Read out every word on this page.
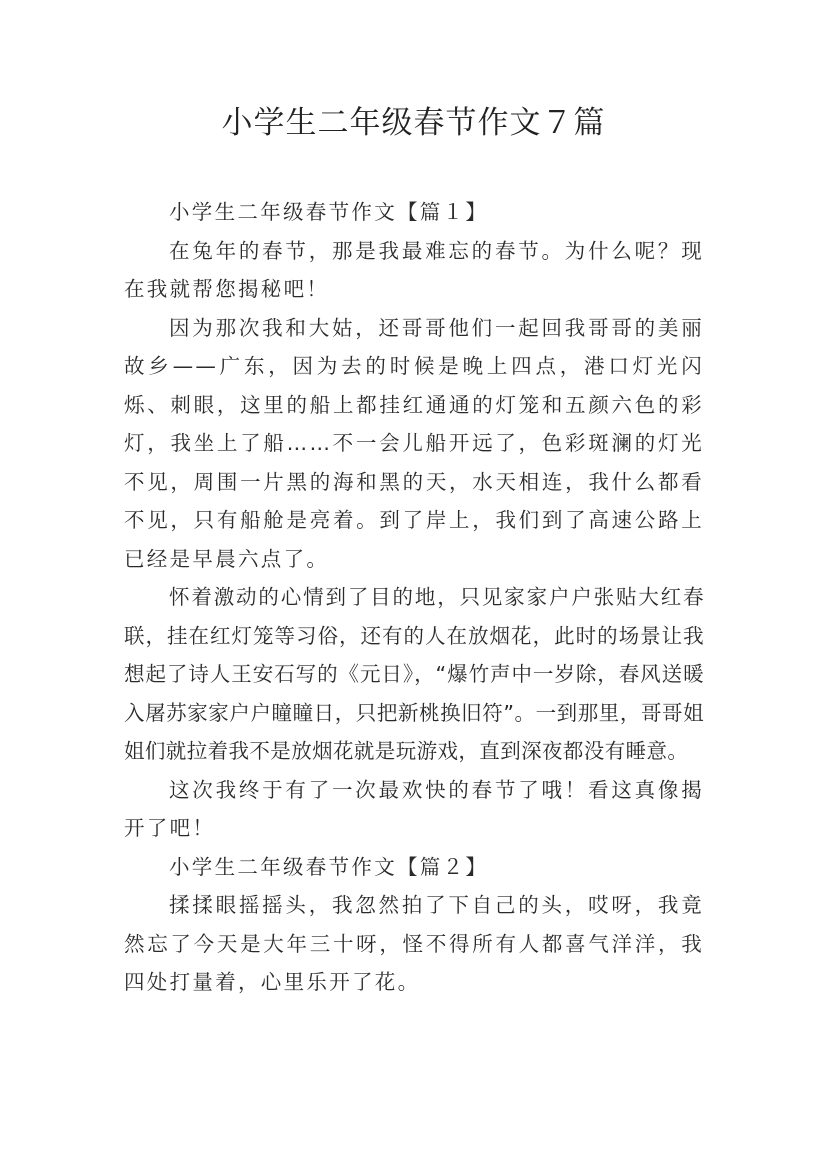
小学生二年级春节作文７篇

小学生二年级春节作文【篇１】

在兔年的春节，那是我最难忘的春节。为什么呢？现在我就帮您揭秘吧！

因为那次我和大姑，还哥哥他们一起回我哥哥的美丽故乡——广东，因为去的时候是晚上四点，港口灯光闪烁、刺眼，这里的船上都挂红通通的灯笼和五颜六色的彩灯，我坐上了船……不一会儿船开远了，色彩斑澜的灯光不见，周围一片黑的海和黑的天，水天相连，我什么都看不见，只有船舱是亮着。到了岸上，我们到了高速公路上已经是早晨六点了。

怀着激动的心情到了目的地，只见家家户户张贴大红春联，挂在红灯笼等习俗，还有的人在放烟花，此时的场景让我想起了诗人王安石写的《元日》，“爆竹声中一岁除，春风送暖入屠苏家家户户瞳瞳日，只把新桃换旧符”。一到那里，哥哥姐姐们就拉着我不是放烟花就是玩游戏，直到深夜都没有睡意。

这次我终于有了一次最欢快的春节了哦！看这真像揭开了吧！

小学生二年级春节作文【篇２】

揉揉眼摇摇头，我忽然拍了下自己的头，哎呀，我竟然忘了今天是大年三十呀，怪不得所有人都喜气洋洋，我四处打量着，心里乐开了花。
